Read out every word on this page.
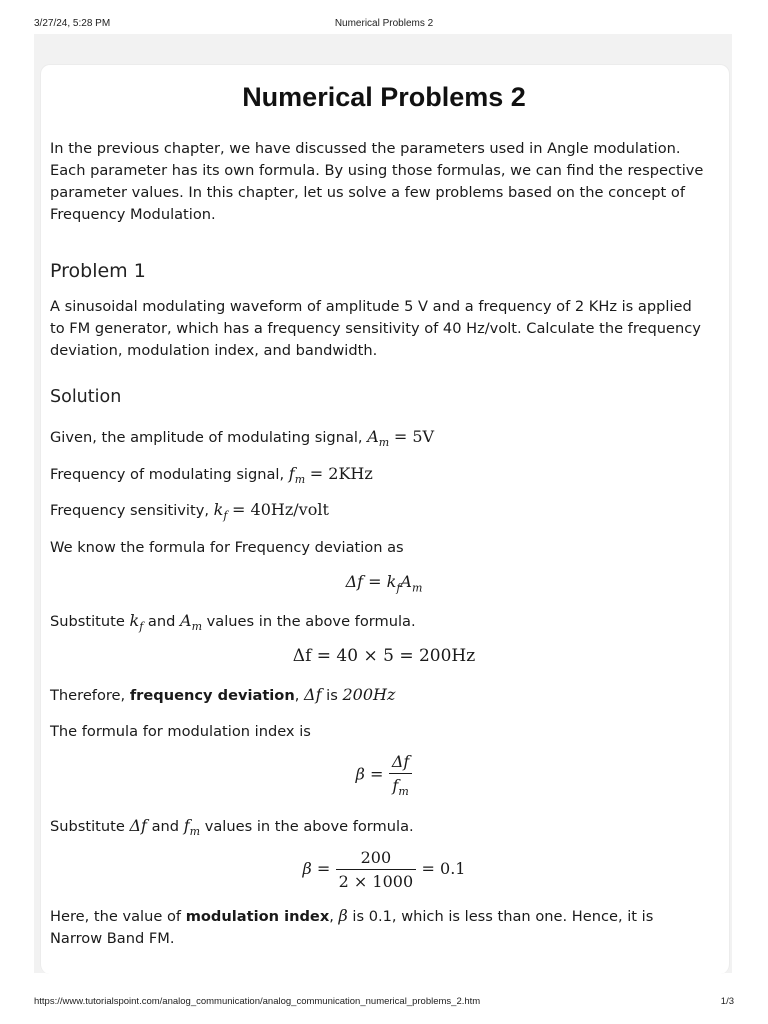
3/27/24, 5:28 PM	Numerical Problems 2
Numerical Problems 2

In the previous chapter, we have discussed the parameters used in Angle modulation. Each parameter has its own formula. By using those formulas, we can find the respective parameter values. In this chapter, let us solve a few problems based on the concept of Frequency Modulation.

Problem 1

A sinusoidal modulating waveform of amplitude 5 V and a frequency of 2 KHz is applied to FM generator, which has a frequency sensitivity of 40 Hz/volt. Calculate the frequency deviation, modulation index, and bandwidth.

Solution

Given, the amplitude of modulating signal, $A_m = 5V$

Frequency of modulating signal, $f_m = 2KHz$

Frequency sensitivity, $k_f$ = 40Hz/volt

We know the formula for Frequency deviation as

$\Delta f = k_fA_m$

Substitute $k_f$ and $A_m$ values in the above formula.

Δf = 40 × 5 = 200Hz

Therefore, frequency deviation, Δf is 200Hz

The formula for modulation index is

$\beta = \frac{\Delta f}{f_m}$

Substitute Δf and $f_m$ values in the above formula.

$\beta = \frac{200}{2 \times 1000} = 0.1$

Here, the value of modulation index, β is 0.1, which is less than one. Hence, it is Narrow Band FM.

https://www.tutorialspoint.com/analog_communication/analog_communication_numerical_problems_2.htm	1/3
